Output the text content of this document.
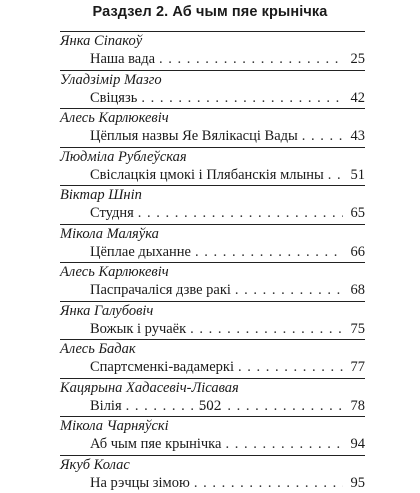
Раздзел 2. Аб чым пяе крынічка
Янка Сіпакоў
Наша вада . . .	25
Уладзімір Мазго
Свіцязь . . .	42
Алесь Карлюкевіч
Цёплыя назвы Яе Вялікасці Вады . . .	43
Людміла Рублеўская
Свіслацкія цмокі і Плябанскія млыны . . . 51
Віктар Шніп
Студня . . .	65
Мікола Маляўка
Цёплае дыханне . . .	66
Алесь Карлюкевіч
Паспрачаліся дзве ракі . . .	68
Янка Галубовіч
Вожык і ручаёк . . .	75
Алесь Бадак
Спартсменкі-вадамеркі . . .	77
Кацярына Хадасевіч-Лісавая
Вілія . . .	78
Мікола Чарняўскі
Аб чым пяе крынічка . . .	94
Якуб Колас
На рэчцы зімою . . .	95
502
